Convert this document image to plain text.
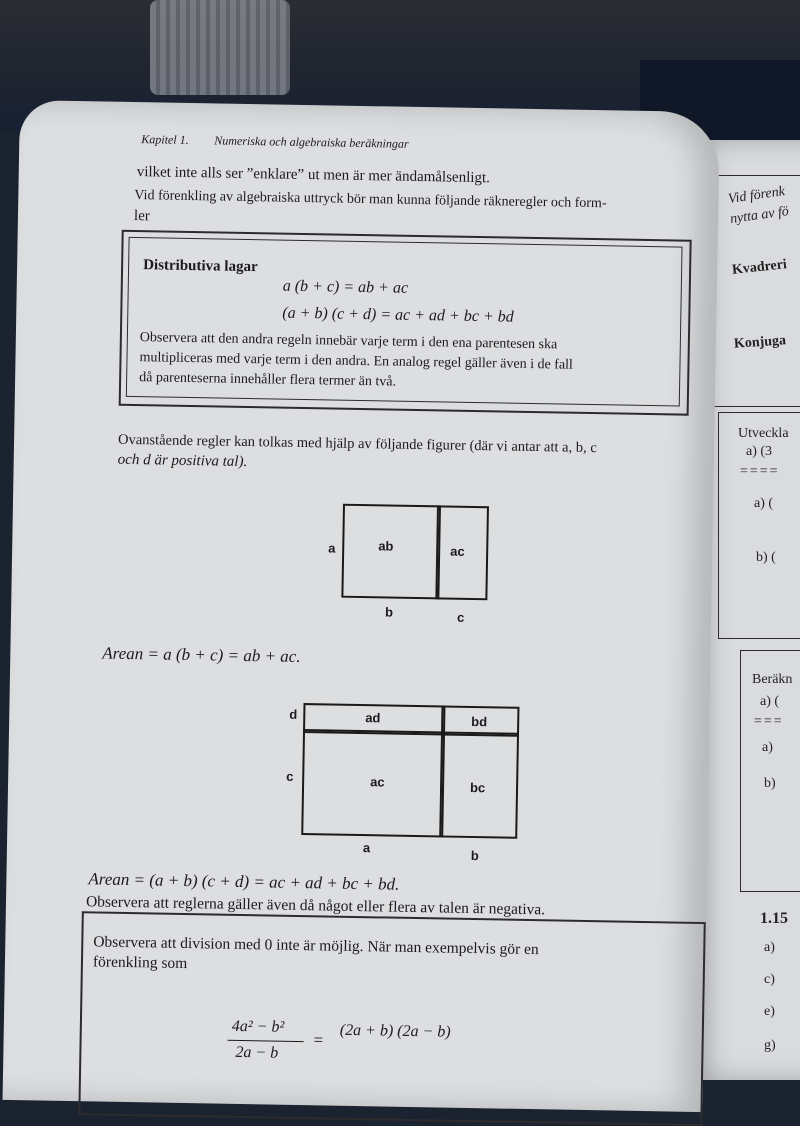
Vid förenk
nytta av fö
Kvadreri
Konjuga
Utveckla
a) (3
====
a) (
b) (
Beräkn
a) (
===
a)
b)
1.15
a)
c)
e)
g)
Kapitel 1. Numeriska och algebraiska beräkningar
vilket inte alls ser ”enklare” ut men är mer ändamålsenligt.
Vid förenkling av algebraiska uttryck bör man kunna följande räkneregler och form-
ler
Distributiva lagar
a (b + c) = ab + ac
(a + b) (c + d) = ac + ad + bc + bd
Observera att den andra regeln innebär varje term i den ena parentesen ska
multipliceras med varje term i den andra. En analog regel gäller även i de fall
då parenteserna innehåller flera termer än två.
Ovanstående regler kan tolkas med hjälp av följande figurer (där vi antar att a, b, c
och d är positiva tal).
a	ab	ac
b	c
Arean = a (b + c) = ab + ac.
d
c
ad	bd
ac	bc
a
b
Arean = (a + b) (c + d) = ac + ad + bc + bd.
Observera att reglerna gäller även då något eller flera av talen är negativa.
Observera att division med 0 inte är möjlig. När man exempelvis gör en
förenkling som
4a² − b²
2a − b
= (2a + b) (2a − b)
